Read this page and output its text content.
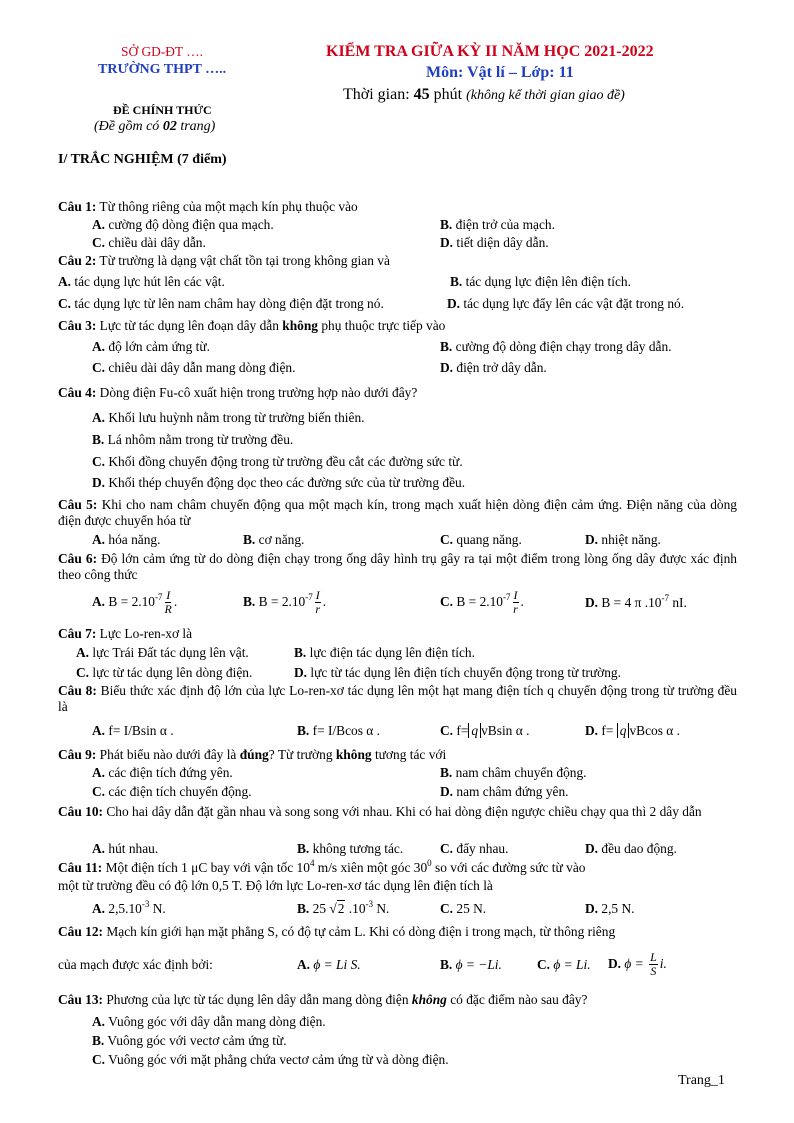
SỞ GD-ĐT ….
TRƯỜNG THPT …..
ĐỀ CHÍNH THỨC
(Đề gồm có 02 trang)
KIỂM TRA GIỮA KỲ II NĂM HỌC 2021-2022
Môn: Vật lí – Lớp: 11
Thời gian: 45 phút (không kể thời gian giao đề)
I/ TRẮC NGHIỆM (7 điểm)
Câu 1: Từ thông riêng của một mạch kín phụ thuộc vào
A. cường độ dòng điện qua mạch.	B. điện trở của mạch.
C. chiều dài dây dẫn.	D. tiết diện dây dẫn.
Câu 2: Từ trường là dạng vật chất tồn tại trong không gian và
A. tác dụng lực hút lên các vật.	B. tác dụng lực điện lên điện tích.
C. tác dụng lực từ lên nam châm hay dòng điện đặt trong nó.	D. tác dụng lực đẩy lên các vật đặt trong nó.
Câu 3: Lực từ tác dụng lên đoạn dây dẫn không phụ thuộc trực tiếp vào
A. độ lớn cảm ứng từ.	B. cường độ dòng điện chạy trong dây dẫn.
C. chiêu dài dây dẫn mang dòng điện.	D. điện trở dây dẫn.
Câu 4: Dòng điện Fu-cô xuất hiện trong trường hợp nào dưới đây?
A. Khối lưu huỳnh nằm trong từ trường biến thiên.
B. Lá nhôm nằm trong từ trường đều.
C. Khối đồng chuyển động trong từ trường đều cắt các đường sức từ.
D. Khối thép chuyển động dọc theo các đường sức của từ trường đều.
Câu 5: Khi cho nam châm chuyển động qua một mạch kín, trong mạch xuất hiện dòng điện cảm ứng. Điện năng của dòng điện được chuyển hóa từ
A. hóa năng.	B. cơ năng.	C. quang năng.	D. nhiệt năng.
Câu 6: Độ lớn cảm ứng từ do dòng điện chạy trong ống dây hình trụ gây ra tại một điểm trong lòng ống dây được xác định theo công thức
A. $B = 2.10^{-7} \frac{I}{R}$ .	B. $B = 2.10^{-7} \frac{I}{r}$ .	C. $B = 2.10^{-7} \frac{I}{r}$ .	D. B = 4 π $.10^{-7}$ nI.
Câu 7: Lực Lo-ren-xơ là
A. lực Trái Đất tác dụng lên vật.	B. lực điện tác dụng lên điện tích.
C. lực từ tác dụng lên dòng điện.	D. lực từ tác dụng lên điện tích chuyển động trong từ trường.
Câu 8: Biểu thức xác định độ lớn của lực Lo-ren-xơ tác dụng lên một hạt mang điện tích q chuyển động trong từ trường đều là
A. f= I/Bsin α .	B. f= I/Bcos α .	C. f= q vBsin α .	D. f= q vBcos α .
Câu 9: Phát biểu nào dưới đây là đúng? Từ trường không tương tác với
A. các điện tích đứng yên.	B. nam châm chuyển động.
C. các điện tích chuyển động.	D. nam châm đứng yên.
Câu 10: Cho hai dây dẫn đặt gần nhau và song song với nhau. Khi có hai dòng điện ngược chiều chạy qua thì 2 dây dẫn
A. hút nhau.	B. không tương tác.	C. đẩy nhau.	D. đều dao động.
Câu 11: Một điện tích 1 μC bay với vận tốc $10^4$ m/s xiên một góc $30^0$ so với các đường sức từ vào
một từ trường đều có độ lớn 0,5 T. Độ lớn lực Lo-ren-xơ tác dụng lên điện tích là
A. $2,5.10^{-3}$ N.	B. 25 √2 $.10^{-3}$ N.	C. 25 N.	D. 2,5 N.
Câu 12: Mạch kín giới hạn mặt phẳng S, có độ tự cảm L. Khi có dòng điện i trong mạch, từ thông riêng
của mạch được xác định bởi:	A. ϕ = Li S.	B. ϕ = −Li.	C. ϕ = Li. D. $\phi = \frac{L}{S} i$.
Câu 13: Phương của lực từ tác dụng lên dây dẫn mang dòng điện không có đặc điểm nào sau đây?
A. Vuông góc với dây dẫn mang dòng điện.
B. Vuông góc với vectơ cảm ứng từ.
C. Vuông góc với mặt phẳng chứa vectơ cảm ứng từ và dòng điện.
Trang_1
